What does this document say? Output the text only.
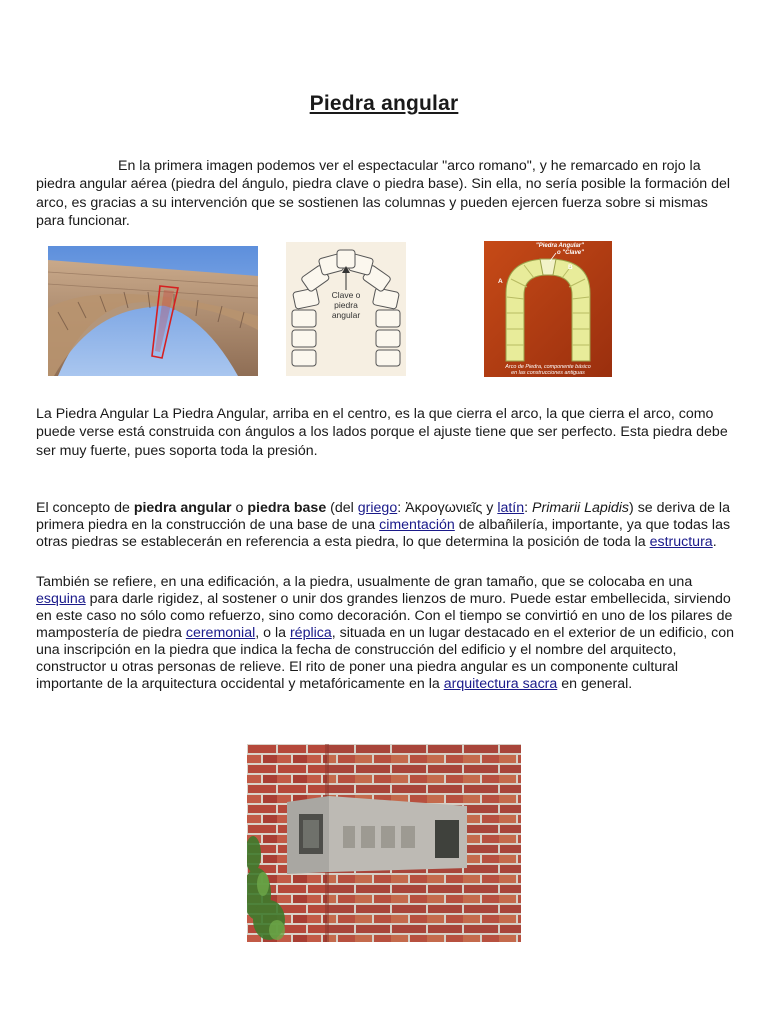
Piedra angular

En la primera imagen podemos ver el espectacular "arco romano", y he remarcado en rojo la piedra angular aérea (piedra del ángulo, piedra clave o piedra base). Sin ella, no sería posible la formación del arco, es gracias a su intervención que se sostienen las columnas y pueden ejercen fuerza sobre si mismas para funcionar.

Clave o
piedra
angular
"Piedra Angular"
o "Clave"
A
B
Arco de Piedra, componente básico
en las construcciones antiguas

La Piedra Angular La Piedra Angular, arriba en el centro, es la que cierra el arco, la que cierra el arco, como puede verse está construida con ángulos a los lados porque el ajuste tiene que ser perfecto. Esta piedra debe ser muy fuerte, pues soporta toda la presión.

El concepto de piedra angular o piedra base (del griego: Ἀκρογωνιεῖς y latín: Primarii Lapidis) se deriva de la primera piedra en la construcción de una base de una cimentación de albañilería, importante, ya que todas las otras piedras se establecerán en referencia a esta piedra, lo que determina la posición de toda la estructura.

También se refiere, en una edificación, a la piedra, usualmente de gran tamaño, que se colocaba en una esquina para darle rigidez, al sostener o unir dos grandes lienzos de muro. Puede estar embellecida, sirviendo en este caso no sólo como refuerzo, sino como decoración. Con el tiempo se convirtió en uno de los pilares de mampostería de piedra ceremonial, o la réplica, situada en un lugar destacado en el exterior de un edificio, con una inscripción en la piedra que indica la fecha de construcción del edificio y el nombre del arquitecto, constructor u otras personas de relieve. El rito de poner una piedra angular es un componente cultural importante de la arquitectura occidental y metafóricamente en la arquitectura sacra en general.
